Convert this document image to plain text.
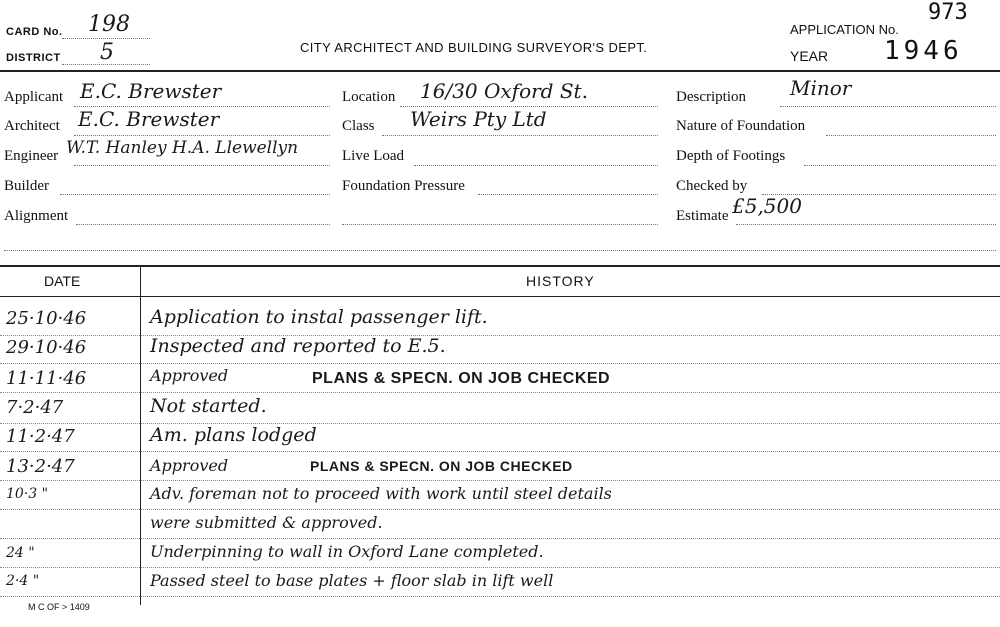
CARD No. 198
DISTRICT 5	CITY ARCHITECT AND BUILDING SURVEYOR'S DEPT.
APPLICATION No.
973
YEAR 1946
Applicant E.C. Brewster
Architect E.C. Brewster
Engineer W.T. Hanley H.A. Llewellyn
Builder
Alignment
Location 16/30 Oxford St.
Class Weirs Pty Ltd
Live Load
Foundation Pressure
Description Minor
Nature of Foundation
Depth of Footings
Checked by
Estimate £5,500
DATE	HISTORY
25·10·46	Application to instal passenger lift.
29·10·46	Inspected and reported to E.5.
11·11·46	Approved	PLANS & SPECN. ON JOB CHECKED
7·2·47	Not started.
11·2·47	Am. plans lodged
13·2·47	Approved	PLANS & SPECN. ON JOB CHECKED
10·3 "	Adv. foreman not to proceed with work until steel details
were submitted & approved.
24 "	Underpinning to wall in Oxford Lane completed.
2·4 "	Passed steel to base plates + floor slab in lift well
M C OF > 1409
